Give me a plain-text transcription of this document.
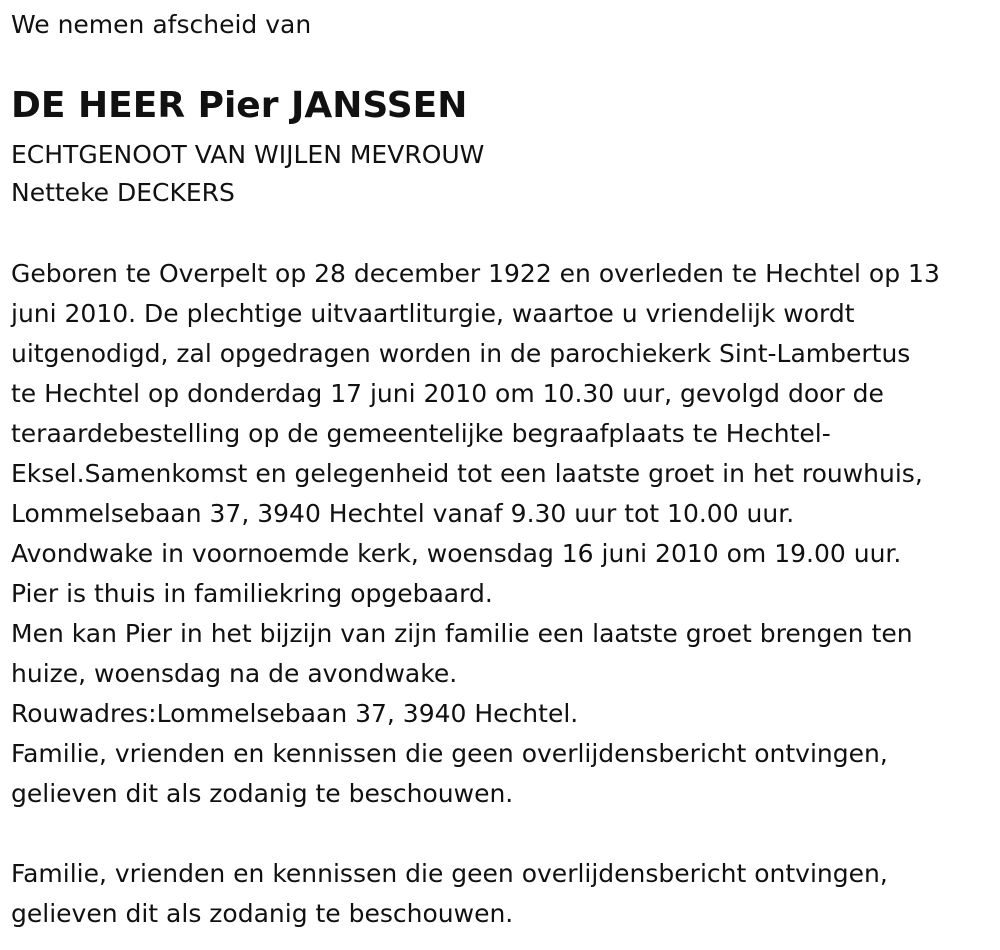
We nemen afscheid van

DE HEER Pier JANSSEN
ECHTGENOOT VAN WIJLEN MEVROUW
Netteke DECKERS
Geboren te Overpelt op 28 december 1922 en overleden te Hechtel op 13
juni 2010. De plechtige uitvaartliturgie, waartoe u vriendelijk wordt
uitgenodigd, zal opgedragen worden in de parochiekerk Sint-Lambertus
te Hechtel op donderdag 17 juni 2010 om 10.30 uur, gevolgd door de
teraardebestelling op de gemeentelijke begraafplaats te Hechtel-
Eksel.Samenkomst en gelegenheid tot een laatste groet in het rouwhuis,
Lommelsebaan 37, 3940 Hechtel vanaf 9.30 uur tot 10.00 uur.
Avondwake in voornoemde kerk, woensdag 16 juni 2010 om 19.00 uur.
Pier is thuis in familiekring opgebaard.
Men kan Pier in het bijzijn van zijn familie een laatste groet brengen ten
huize, woensdag na de avondwake.
Rouwadres:Lommelsebaan 37, 3940 Hechtel.
Familie, vrienden en kennissen die geen overlijdensbericht ontvingen,
gelieven dit als zodanig te beschouwen.
Familie, vrienden en kennissen die geen overlijdensbericht ontvingen,
gelieven dit als zodanig te beschouwen.
